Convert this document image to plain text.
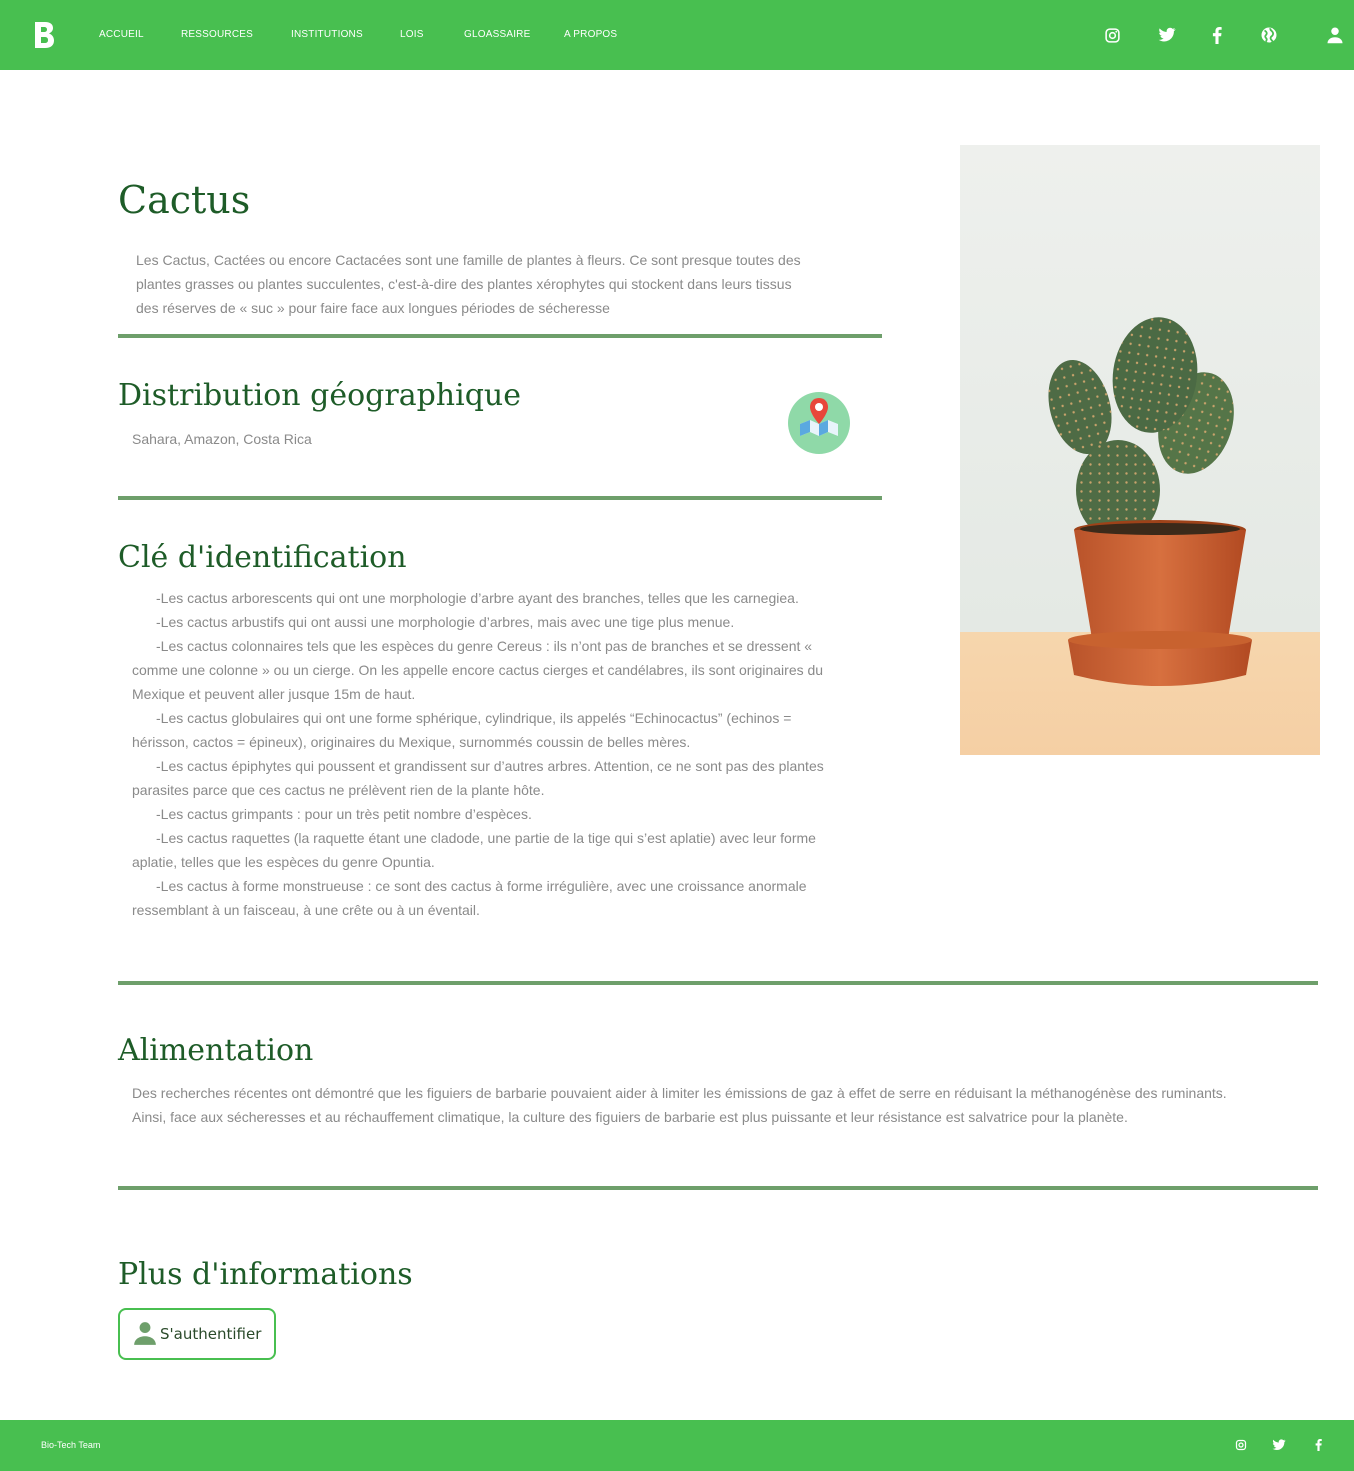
ACCUEIL	RESSOURCES	INSTITUTIONS	LOIS	GLOASSAIRE	A PROPOS
Cactus

Les Cactus, Cactées ou encore Cactacées sont une famille de plantes à fleurs. Ce sont presque toutes des plantes grasses ou plantes succulentes, c'est-à-dire des plantes xérophytes qui stockent dans leurs tissus des réserves de « suc » pour faire face aux longues périodes de sécheresse

Distribution géographique

Sahara, Amazon, Costa Rica

Clé d'identification
-Les cactus arborescents qui ont une morphologie d’arbre ayant des branches, telles que les carnegiea.
-Les cactus arbustifs qui ont aussi une morphologie d’arbres, mais avec une tige plus menue.
-Les cactus colonnaires tels que les espèces du genre Cereus : ils n’ont pas de branches et se dressent « comme une colonne » ou un cierge. On les appelle encore cactus cierges et candélabres, ils sont originaires du Mexique et peuvent aller jusque 15m de haut.
-Les cactus globulaires qui ont une forme sphérique, cylindrique, ils appelés “Echinocactus” (echinos = hérisson, cactos = épineux), originaires du Mexique, surnommés coussin de belles mères.
-Les cactus épiphytes qui poussent et grandissent sur d’autres arbres. Attention, ce ne sont pas des plantes parasites parce que ces cactus ne prélèvent rien de la plante hôte.
-Les cactus grimpants : pour un très petit nombre d’espèces.
-Les cactus raquettes (la raquette étant une cladode, une partie de la tige qui s’est aplatie) avec leur forme aplatie, telles que les espèces du genre Opuntia.
-Les cactus à forme monstrueuse : ce sont des cactus à forme irrégulière, avec une croissance anormale ressemblant à un faisceau, à une crête ou à un éventail.
Alimentation

Des recherches récentes ont démontré que les figuiers de barbarie pouvaient aider à limiter les émissions de gaz à effet de serre en réduisant la méthanogénèse des ruminants. Ainsi, face aux sécheresses et au réchauffement climatique, la culture des figuiers de barbarie est plus puissante et leur résistance est salvatrice pour la planète.

Plus d'informations
S'authentifier
Bio-Tech Team
